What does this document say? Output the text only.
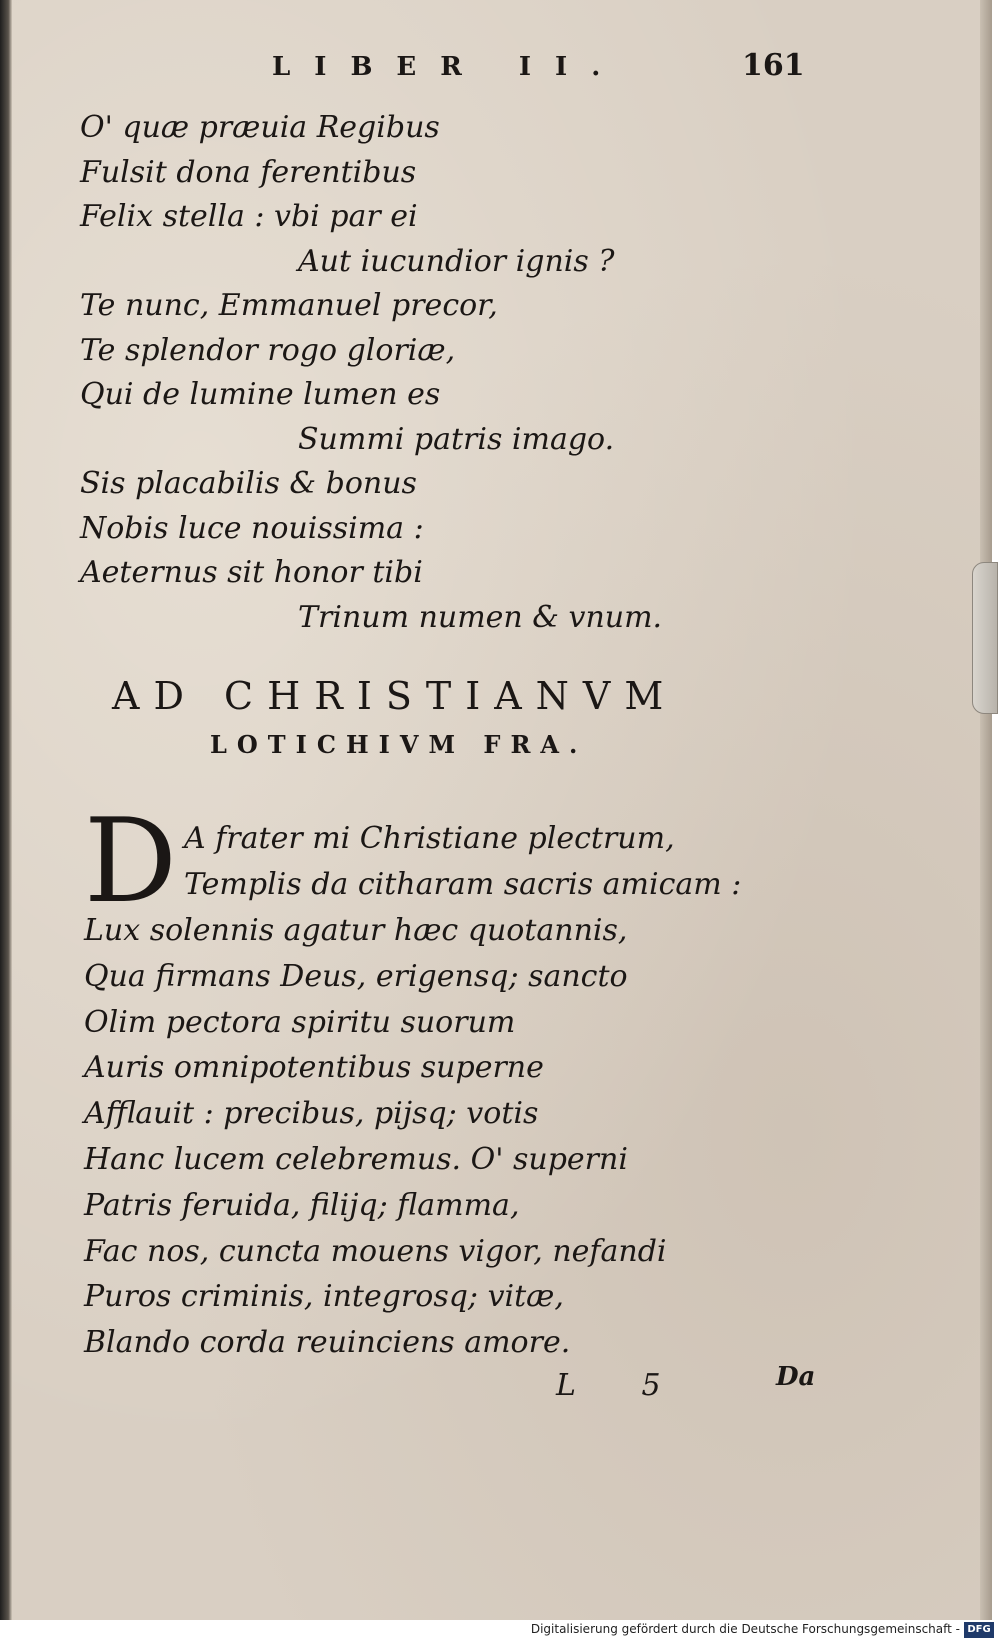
LIBER II.	161
O' quæ præuia Regibus
Fulsit dona ferentibus
Felix stella : vbi par ei
Aut iucundior ignis ?
Te nunc, Emmanuel precor,
Te splendor rogo gloriæ,
Qui de lumine lumen es
Summi patris imago.
Sis placabilis & bonus
Nobis luce nouissima :
Aeternus sit honor tibi
Trinum numen & vnum.
AD CHRISTIANVM
LOTICHIVM FRA.
D A frater mi Christiane plectrum,
Templis da citharam sacris amicam :
Lux solennis agatur hæc quotannis,
Qua firmans Deus, erigensq; sancto
Olim pectora spiritu suorum
Auris omnipotentibus superne
Afflauit : precibus, pijsq; votis
Hanc lucem celebremus. O' superni
Patris feruida, filijq; flamma,
Fac nos, cuncta mouens vigor, nefandi
Puros criminis, integrosq; vitæ,
Blando corda reuinciens amore.
L 5	Da
Digitalisierung gefördert durch die Deutsche Forschungsgemeinschaft - DFG
